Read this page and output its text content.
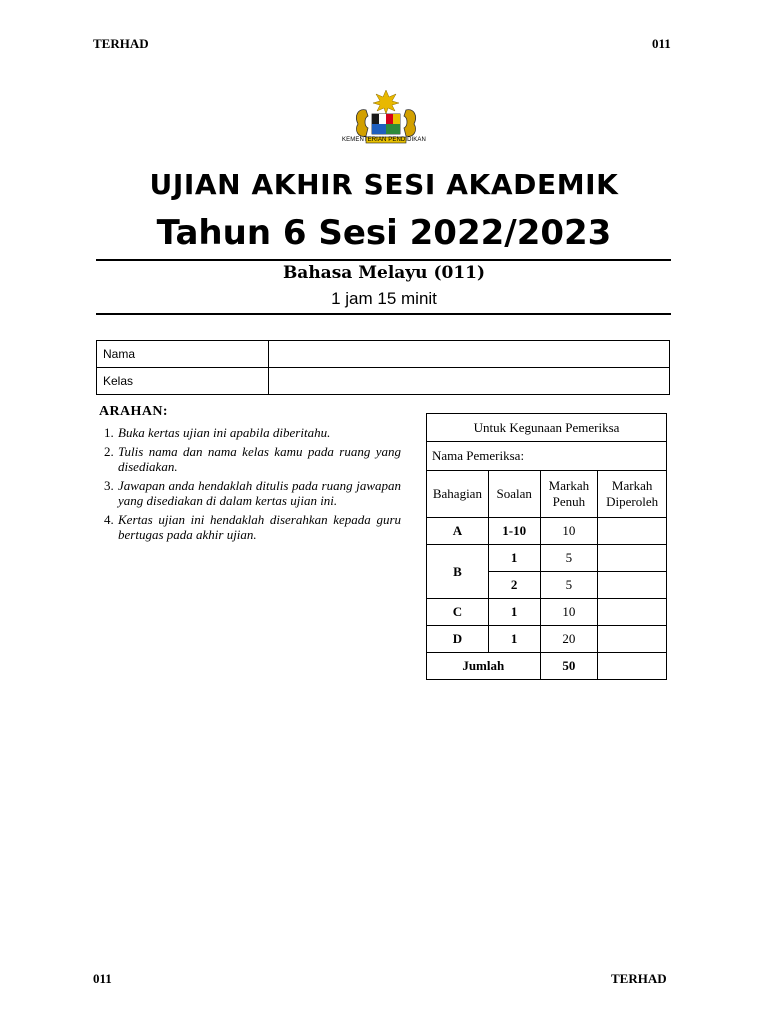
TERHAD	011
KEMENTERIAN PENDIDIKAN
UJIAN AKHIR SESI AKADEMIK
Tahun 6 Sesi 2022/2023
Bahasa Melayu (011)
1 jam 15 minit
Nama	
Kelas	
ARAHAN:
1. Buka kertas ujian ini apabila diberitahu.
2. Tulis nama dan nama kelas kamu pada ruang yang disediakan.
3. Jawapan anda hendaklah ditulis pada ruang jawapan yang disediakan di dalam kertas ujian ini.
4. Kertas ujian ini hendaklah diserahkan kepada guru bertugas pada akhir ujian.
Untuk Kegunaan Pemeriksa			
Nama Pemeriksa:			
Bahagian	Soalan	Markah Penuh	Markah Diperoleh
A	1-10	10	
B	1	5	
	2	5	
C	1	10	
D	1	20	
Jumlah		50	
011	TERHAD
